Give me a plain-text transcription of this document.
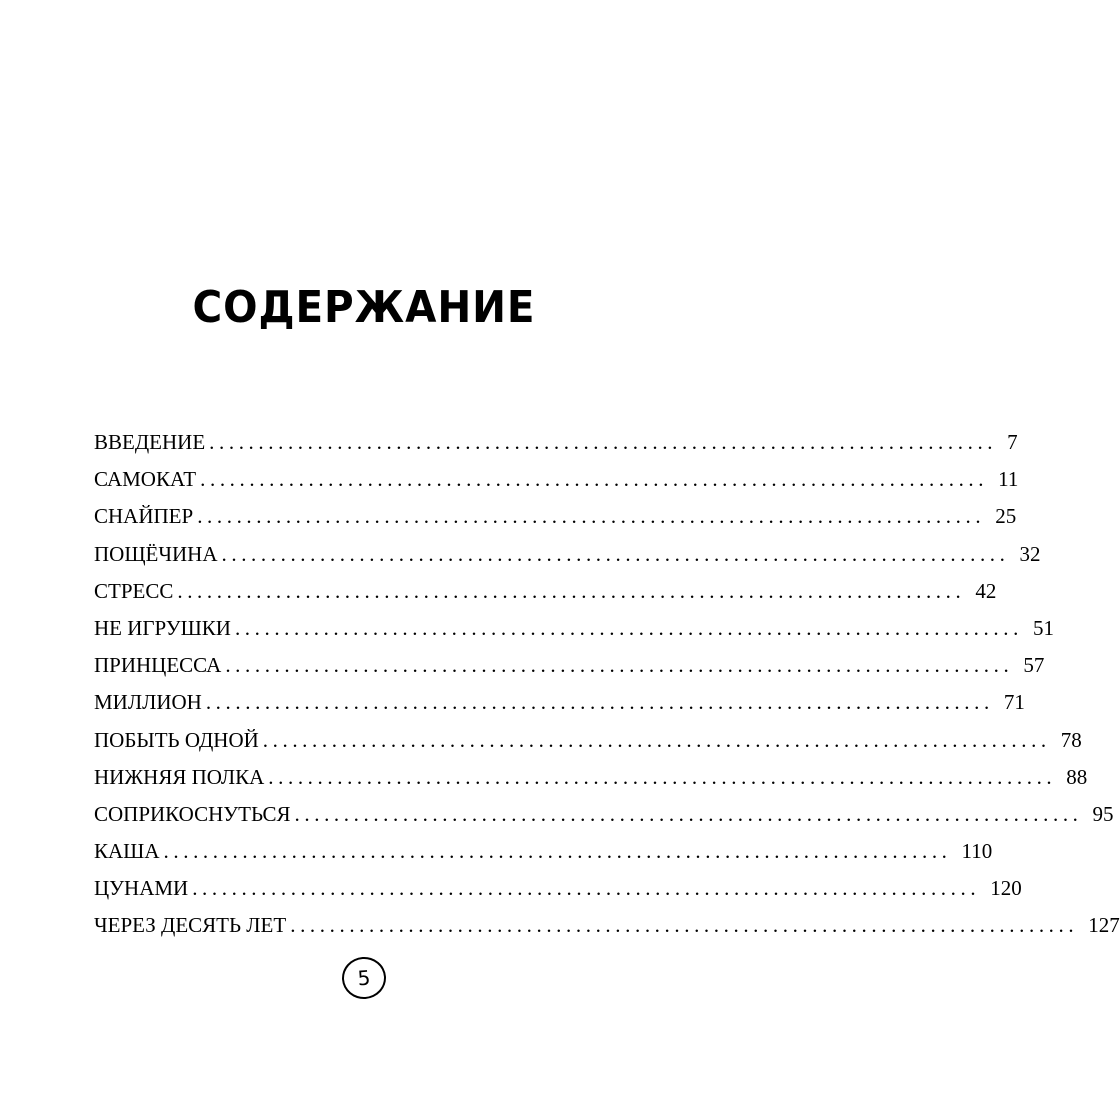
СОДЕРЖАНИЕ
ВВЕДЕНИЕ ................................................................................ 7
САМОКАТ ................................................................................ 11
СНАЙПЕР ................................................................................ 25
ПОЩЁЧИНА ................................................................................ 32
СТРЕСС ................................................................................ 42
НЕ ИГРУШКИ ................................................................................ 51
ПРИНЦЕССА ................................................................................ 57
МИЛЛИОН ................................................................................ 71
ПОБЫТЬ ОДНОЙ ................................................................................ 78
НИЖНЯЯ ПОЛКА ................................................................................ 88
СОПРИКОСНУТЬСЯ ................................................................................ 95
КАША ................................................................................ 110
ЦУНАМИ ................................................................................ 120
ЧЕРЕЗ ДЕСЯТЬ ЛЕТ ................................................................................ 127
5
